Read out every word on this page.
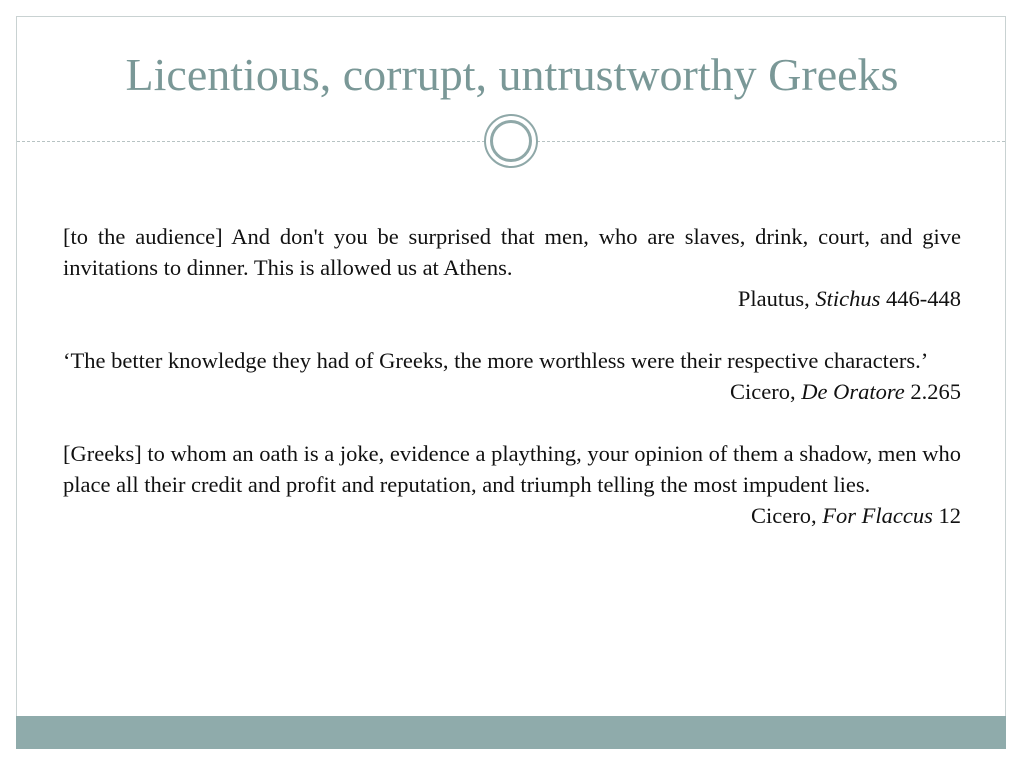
Licentious, corrupt, untrustworthy Greeks

[to the audience] And don't you be surprised that men, who are slaves, drink, court, and give invitations to dinner. This is allowed us at Athens.

Plautus, Stichus 446-448

‘The better knowledge they had of Greeks, the more worthless were their respective characters.’

Cicero, De Oratore 2.265

[Greeks] to whom an oath is a joke, evidence a plaything, your opinion of them a shadow, men who place all their credit and profit and reputation, and triumph telling the most impudent lies.

Cicero, For Flaccus 12
